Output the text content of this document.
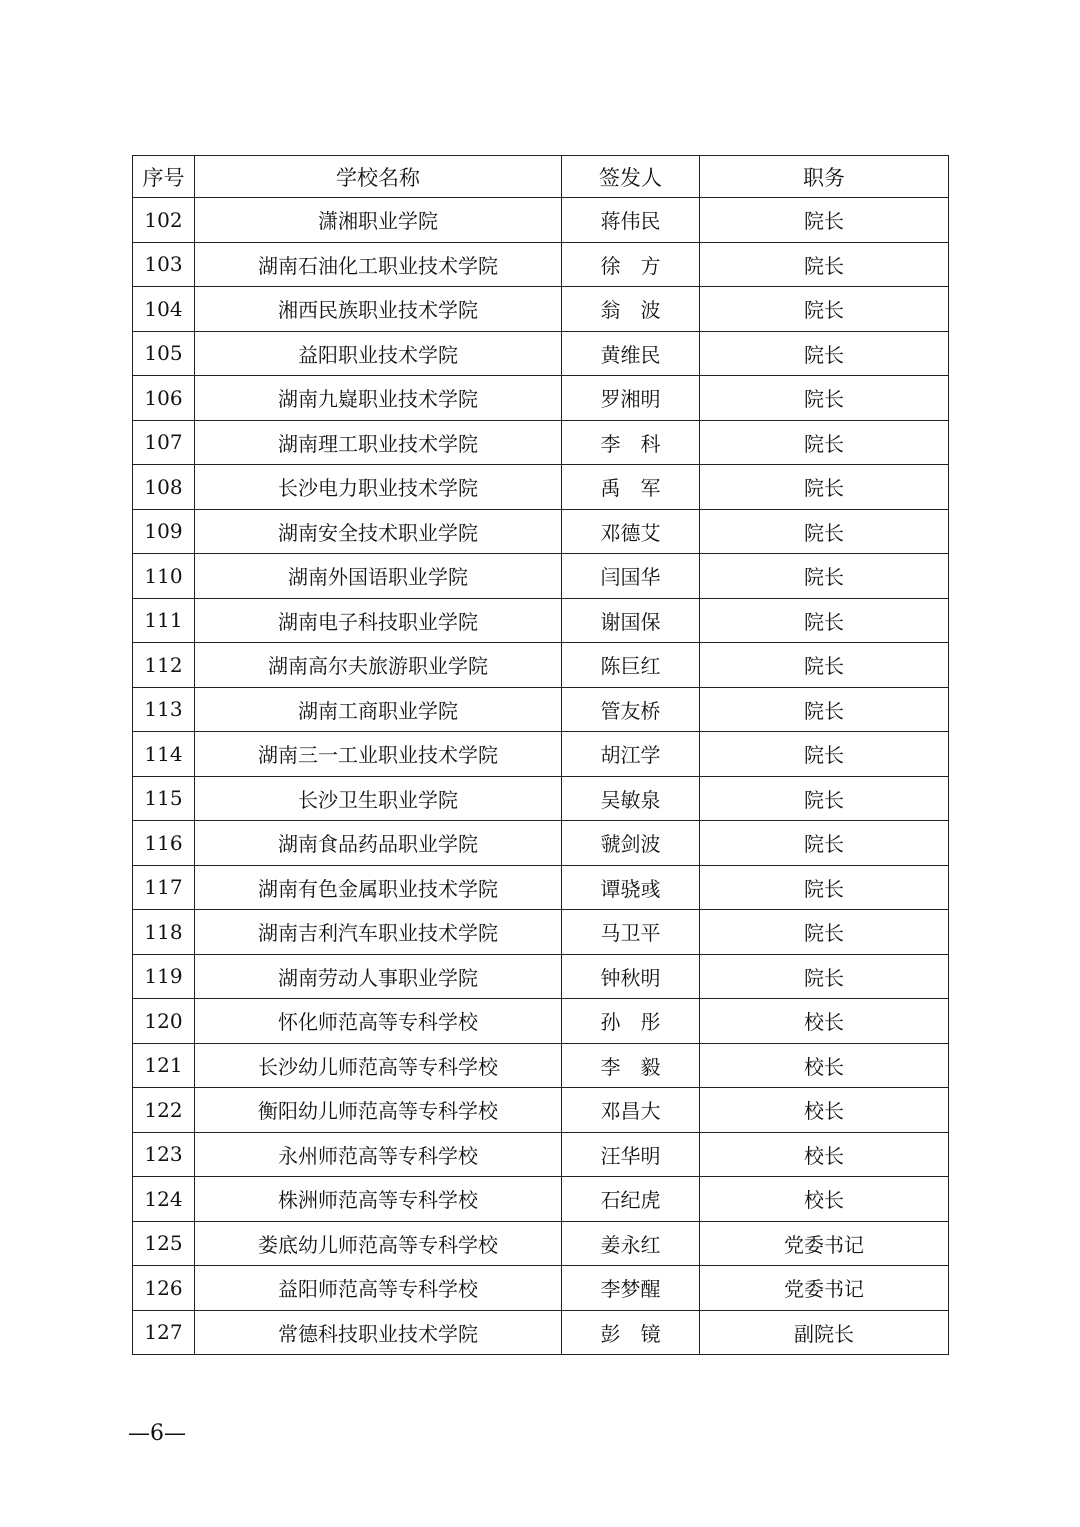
序号	学校名称	签发人	职务
102	潇湘职业学院	蒋伟民	院长
103	湖南石油化工职业技术学院	徐　方	院长
104	湘西民族职业技术学院	翁　波	院长
105	益阳职业技术学院	黄维民	院长
106	湖南九嶷职业技术学院	罗湘明	院长
107	湖南理工职业技术学院	李　科	院长
108	长沙电力职业技术学院	禹　军	院长
109	湖南安全技术职业学院	邓德艾	院长
110	湖南外国语职业学院	闫国华	院长
111	湖南电子科技职业学院	谢国保	院长
112	湖南高尔夫旅游职业学院	陈巨红	院长
113	湖南工商职业学院	管友桥	院长
114	湖南三一工业职业技术学院	胡江学	院长
115	长沙卫生职业学院	吴敏泉	院长
116	湖南食品药品职业学院	虢剑波	院长
117	湖南有色金属职业技术学院	谭骁彧	院长
118	湖南吉利汽车职业技术学院	马卫平	院长
119	湖南劳动人事职业学院	钟秋明	院长
120	怀化师范高等专科学校	孙　彤	校长
121	长沙幼儿师范高等专科学校	李　毅	校长
122	衡阳幼儿师范高等专科学校	邓昌大	校长
123	永州师范高等专科学校	汪华明	校长
124	株洲师范高等专科学校	石纪虎	校长
125	娄底幼儿师范高等专科学校	姜永红	党委书记
126	益阳师范高等专科学校	李梦醒	党委书记
127	常德科技职业技术学院	彭　镜	副院长
—6—
